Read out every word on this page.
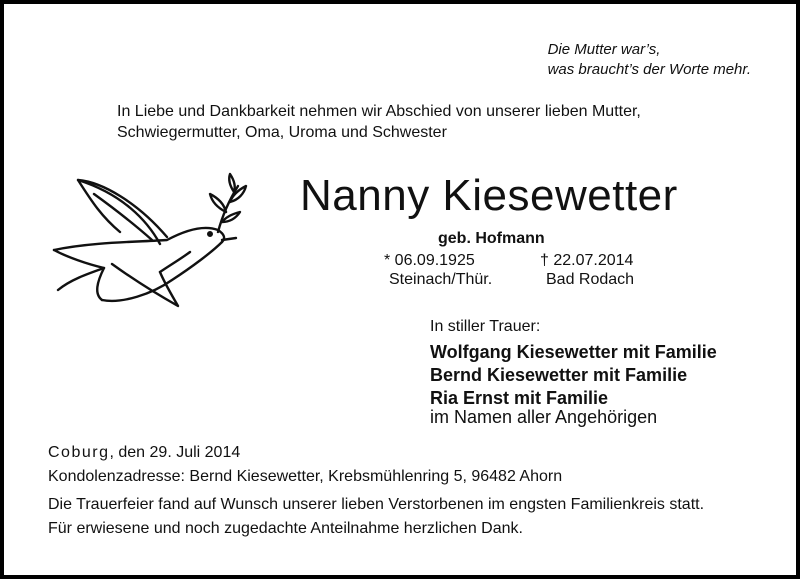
Die Mutter war’s,
was braucht’s der Worte mehr.
In Liebe und Dankbarkeit nehmen wir Abschied von unserer lieben Mutter,
Schwiegermutter, Oma, Uroma und Schwester
Nanny Kiesewetter
geb. Hofmann
* 06.09.1925
Steinach/Thür.
† 22.07.2014
Bad Rodach
In stiller Trauer:
Wolfgang Kiesewetter mit Familie
Bernd Kiesewetter mit Familie
Ria Ernst mit Familie
im Namen aller Angehörigen
Coburg, den 29. Juli 2014
Kondolenzadresse: Bernd Kiesewetter, Krebsmühlenring 5, 96482 Ahorn
Die Trauerfeier fand auf Wunsch unserer lieben Verstorbenen im engsten Familienkreis statt.
Für erwiesene und noch zugedachte Anteilnahme herzlichen Dank.
